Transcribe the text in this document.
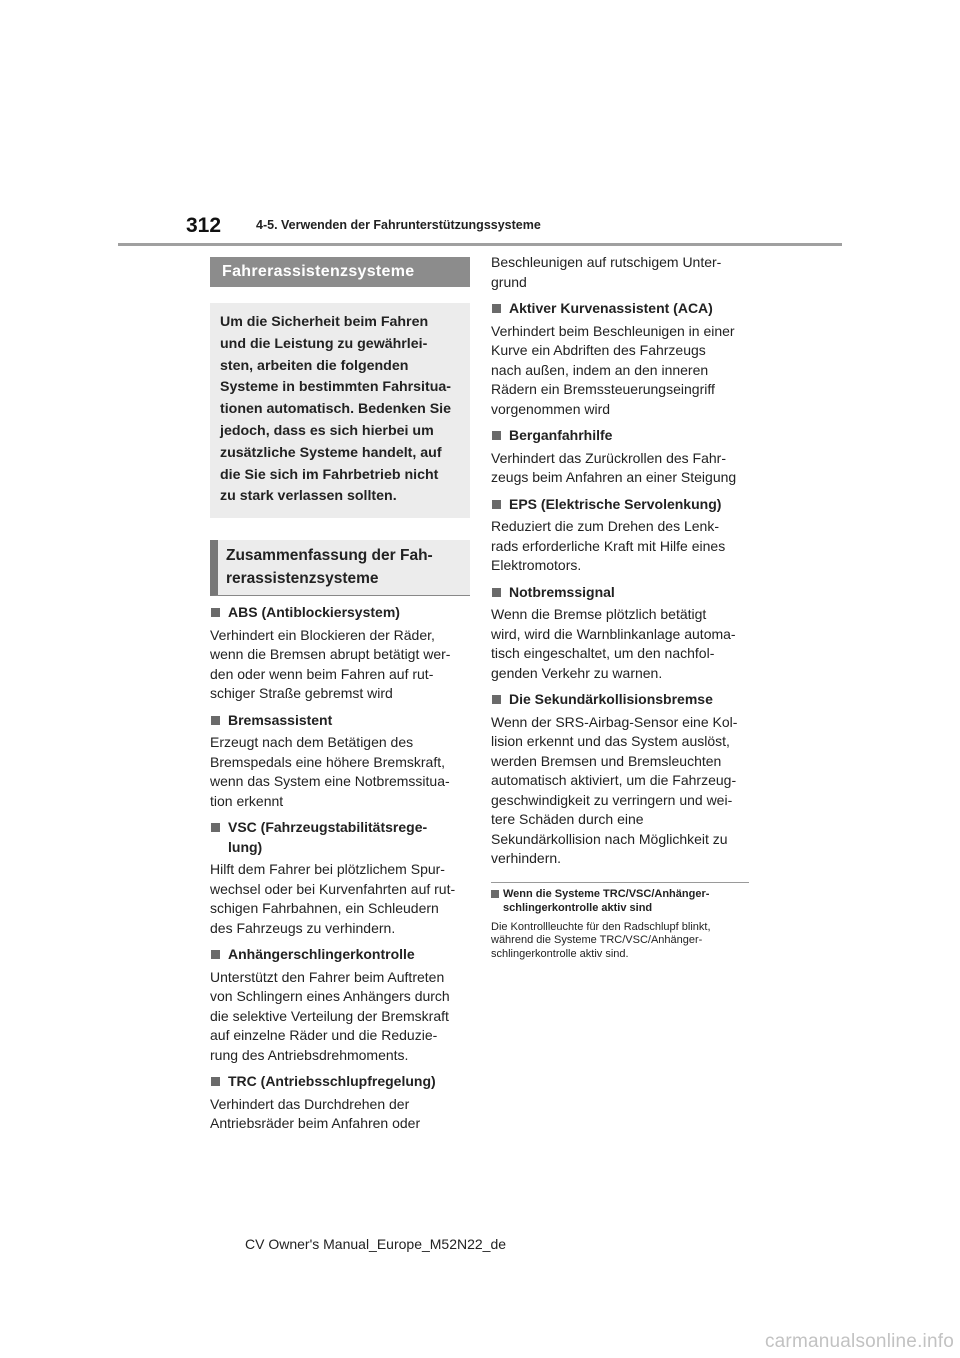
312	4-5. Verwenden der Fahrunterstützungssysteme
Fahrerassistenzsysteme
Um die Sicherheit beim Fahren
und die Leistung zu gewährlei-
sten, arbeiten die folgenden
Systeme in bestimmten Fahrsitua-
tionen automatisch. Bedenken Sie
jedoch, dass es sich hierbei um
zusätzliche Systeme handelt, auf
die Sie sich im Fahrbetrieb nicht
zu stark verlassen sollten.
Zusammenfassung der Fah-
rerassistenzsysteme
ABS (Antiblockiersystem)
Verhindert ein Blockieren der Räder,
wenn die Bremsen abrupt betätigt wer-
den oder wenn beim Fahren auf rut-
schiger Straße gebremst wird
Bremsassistent
Erzeugt nach dem Betätigen des
Bremspedals eine höhere Bremskraft,
wenn das System eine Notbremssitua-
tion erkennt
VSC (Fahrzeugstabilitätsrege-
lung)
Hilft dem Fahrer bei plötzlichem Spur-
wechsel oder bei Kurvenfahrten auf rut-
schigen Fahrbahnen, ein Schleudern
des Fahrzeugs zu verhindern.
Anhängerschlingerkontrolle
Unterstützt den Fahrer beim Auftreten
von Schlingern eines Anhängers durch
die selektive Verteilung der Bremskraft
auf einzelne Räder und die Reduzie-
rung des Antriebsdrehmoments.
TRC (Antriebsschlupfregelung)
Verhindert das Durchdrehen der
Antriebsräder beim Anfahren oder
Beschleunigen auf rutschigem Unter-
grund
Aktiver Kurvenassistent (ACA)
Verhindert beim Beschleunigen in einer
Kurve ein Abdriften des Fahrzeugs
nach außen, indem an den inneren
Rädern ein Bremssteuerungseingriff
vorgenommen wird
Berganfahrhilfe
Verhindert das Zurückrollen des Fahr-
zeugs beim Anfahren an einer Steigung
EPS (Elektrische Servolenkung)
Reduziert die zum Drehen des Lenk-
rads erforderliche Kraft mit Hilfe eines
Elektromotors.
Notbremssignal
Wenn die Bremse plötzlich betätigt
wird, wird die Warnblinkanlage automa-
tisch eingeschaltet, um den nachfol-
genden Verkehr zu warnen.
Die Sekundärkollisionsbremse
Wenn der SRS-Airbag-Sensor eine Kol-
lision erkennt und das System auslöst,
werden Bremsen und Bremsleuchten
automatisch aktiviert, um die Fahrzeug-
geschwindigkeit zu verringern und wei-
tere Schäden durch eine
Sekundärkollision nach Möglichkeit zu
verhindern.
Wenn die Systeme TRC/VSC/Anhänger-
schlingerkontrolle aktiv sind
Die Kontrollleuchte für den Radschlupf blinkt,
während die Systeme TRC/VSC/Anhänger-
schlingerkontrolle aktiv sind.
CV Owner's Manual_Europe_M52N22_de
carmanualsonline.info
